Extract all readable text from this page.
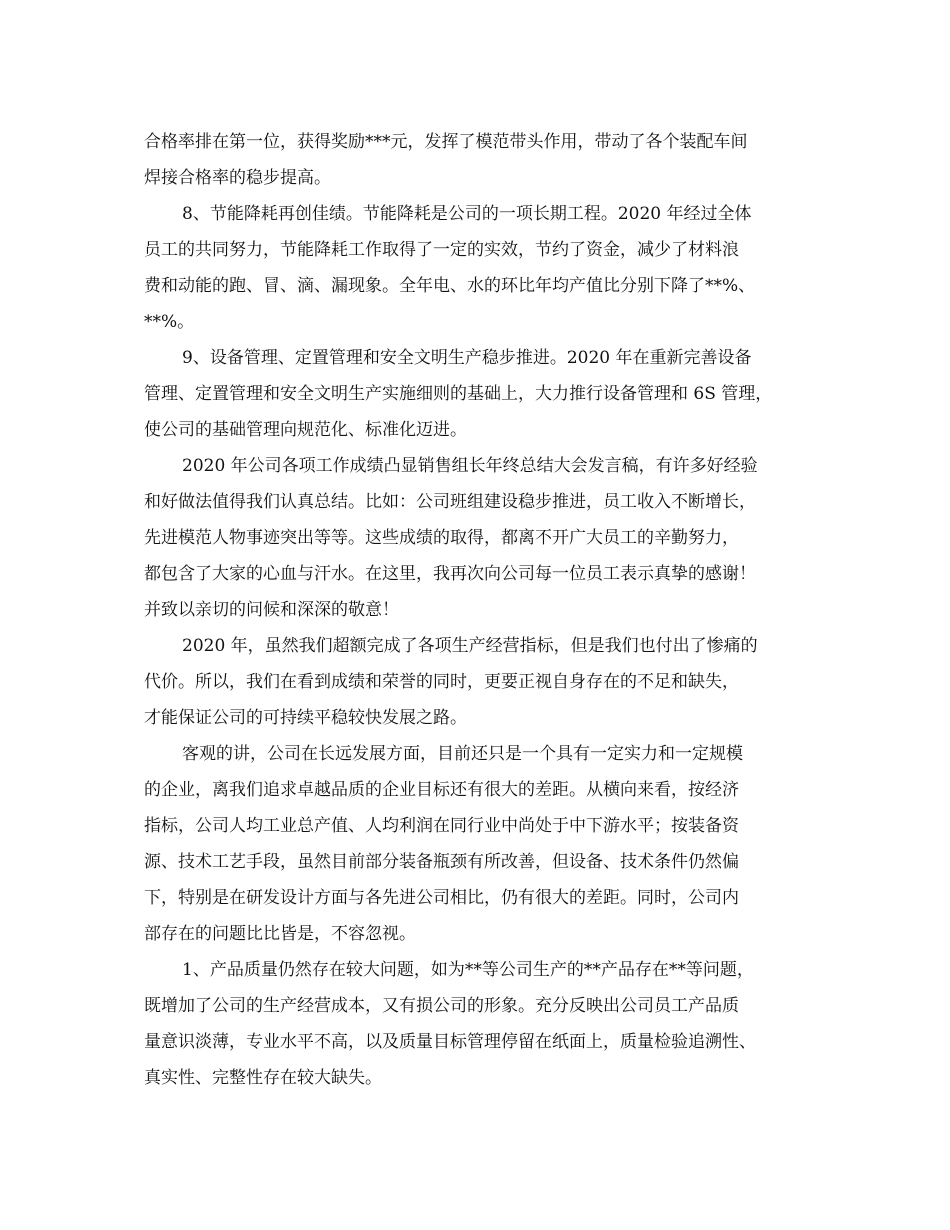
合格率排在第一位，获得奖励***元，发挥了模范带头作用，带动了各个装配车间
焊接合格率的稳步提高。
8、节能降耗再创佳绩。节能降耗是公司的一项长期工程。2020 年经过全体
员工的共同努力，节能降耗工作取得了一定的实效，节约了资金，减少了材料浪
费和动能的跑、冒、滴、漏现象。全年电、水的环比年均产值比分别下降了**%、
**%。
9、设备管理、定置管理和安全文明生产稳步推进。2020 年在重新完善设备
管理、定置管理和安全文明生产实施细则的基础上，大力推行设备管理和 6S 管理，
使公司的基础管理向规范化、标准化迈进。
2020 年公司各项工作成绩凸显销售组长年终总结大会发言稿，有许多好经验
和好做法值得我们认真总结。比如：公司班组建设稳步推进，员工收入不断增长，
先进模范人物事迹突出等等。这些成绩的取得，都离不开广大员工的辛勤努力，
都包含了大家的心血与汗水。在这里，我再次向公司每一位员工表示真挚的感谢！
并致以亲切的问候和深深的敬意！
2020 年，虽然我们超额完成了各项生产经营指标，但是我们也付出了惨痛的
代价。所以，我们在看到成绩和荣誉的同时，更要正视自身存在的不足和缺失，
才能保证公司的可持续平稳较快发展之路。
客观的讲，公司在长远发展方面，目前还只是一个具有一定实力和一定规模
的企业，离我们追求卓越品质的企业目标还有很大的差距。从横向来看，按经济
指标，公司人均工业总产值、人均利润在同行业中尚处于中下游水平；按装备资
源、技术工艺手段，虽然目前部分装备瓶颈有所改善，但设备、技术条件仍然偏
下，特别是在研发设计方面与各先进公司相比，仍有很大的差距。同时，公司内
部存在的问题比比皆是，不容忽视。
1、产品质量仍然存在较大问题，如为**等公司生产的**产品存在**等问题，
既增加了公司的生产经营成本，又有损公司的形象。充分反映出公司员工产品质
量意识淡薄，专业水平不高，以及质量目标管理停留在纸面上，质量检验追溯性、
真实性、完整性存在较大缺失。
